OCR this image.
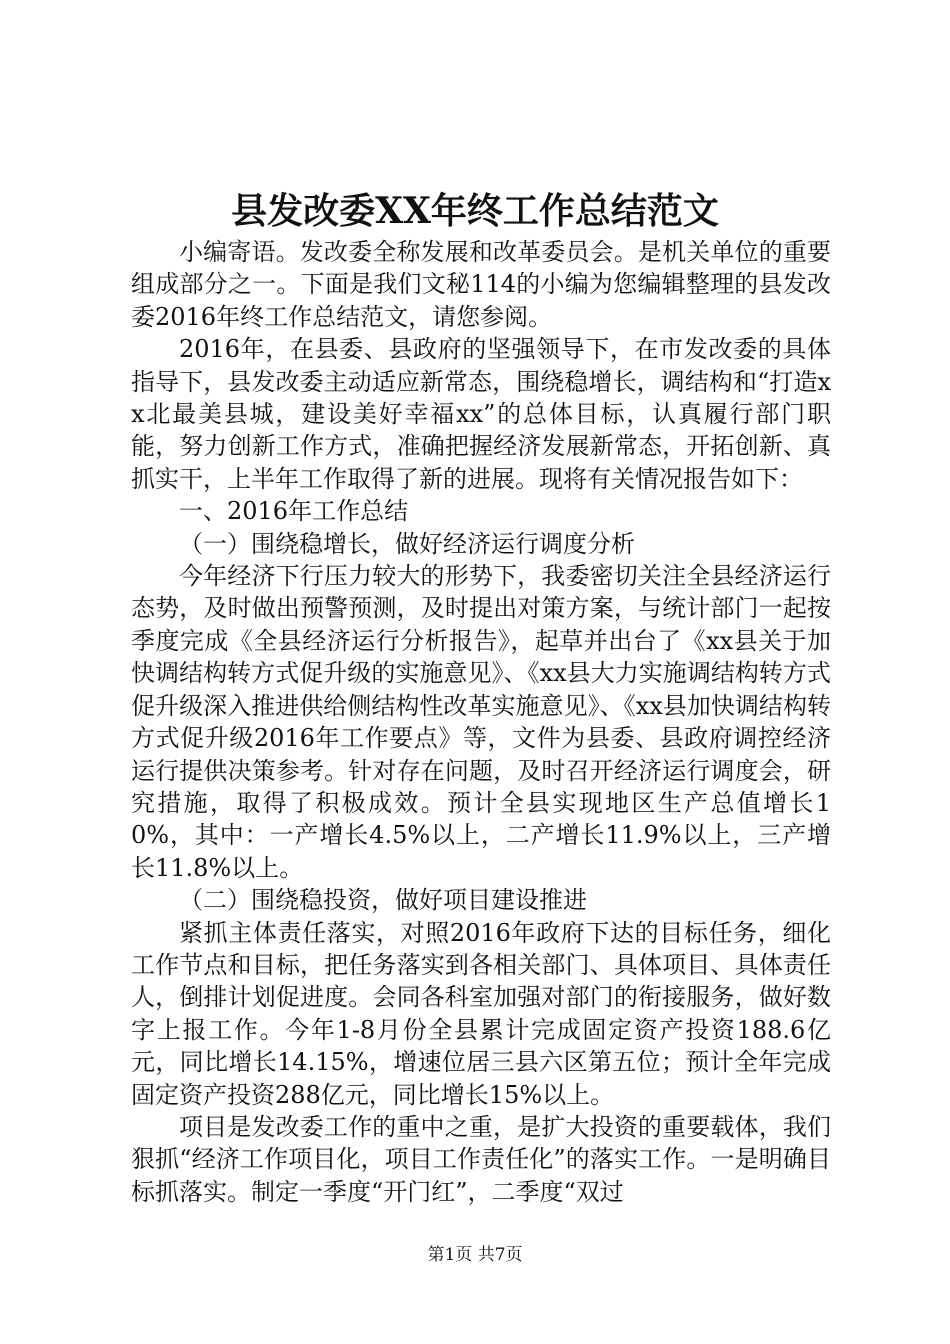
县发改委XX年终工作总结范文

小编寄语。发改委全称发展和改革委员会。是机关单位的重要组成部分之一。下面是我们文秘114的小编为您编辑整理的县发改委2016年终工作总结范文，请您参阅。

2016年，在县委、县政府的坚强领导下，在市发改委的具体指导下，县发改委主动适应新常态，围绕稳增长，调结构和“打造xx北最美县城，建设美好幸福xx”的总体目标，认真履行部门职能，努力创新工作方式，准确把握经济发展新常态，开拓创新、真抓实干，上半年工作取得了新的进展。现将有关情况报告如下：

一、2016年工作总结

（一）围绕稳增长，做好经济运行调度分析

今年经济下行压力较大的形势下，我委密切关注全县经济运行态势，及时做出预警预测，及时提出对策方案，与统计部门一起按季度完成《全县经济运行分析报告》，起草并出台了《xx县关于加快调结构转方式促升级的实施意见》、《xx县大力实施调结构转方式促升级深入推进供给侧结构性改革实施意见》、《xx县加快调结构转方式促升级2016年工作要点》等，文件为县委、县政府调控经济运行提供决策参考。针对存在问题，及时召开经济运行调度会，研究措施，取得了积极成效。预计全县实现地区生产总值增长10%，其中：一产增长4.5%以上，二产增长11.9%以上，三产增长11.8%以上。

（二）围绕稳投资，做好项目建设推进

紧抓主体责任落实，对照2016年政府下达的目标任务，细化工作节点和目标，把任务落实到各相关部门、具体项目、具体责任人，倒排计划促进度。会同各科室加强对部门的衔接服务，做好数字上报工作。今年1-8月份全县累计完成固定资产投资188.6亿元，同比增长14.15%，增速位居三县六区第五位；预计全年完成固定资产投资288亿元，同比增长15%以上。

项目是发改委工作的重中之重，是扩大投资的重要载体，我们狠抓“经济工作项目化，项目工作责任化”的落实工作。一是明确目标抓落实。制定一季度“开门红”，二季度“双过

第1页 共7页
